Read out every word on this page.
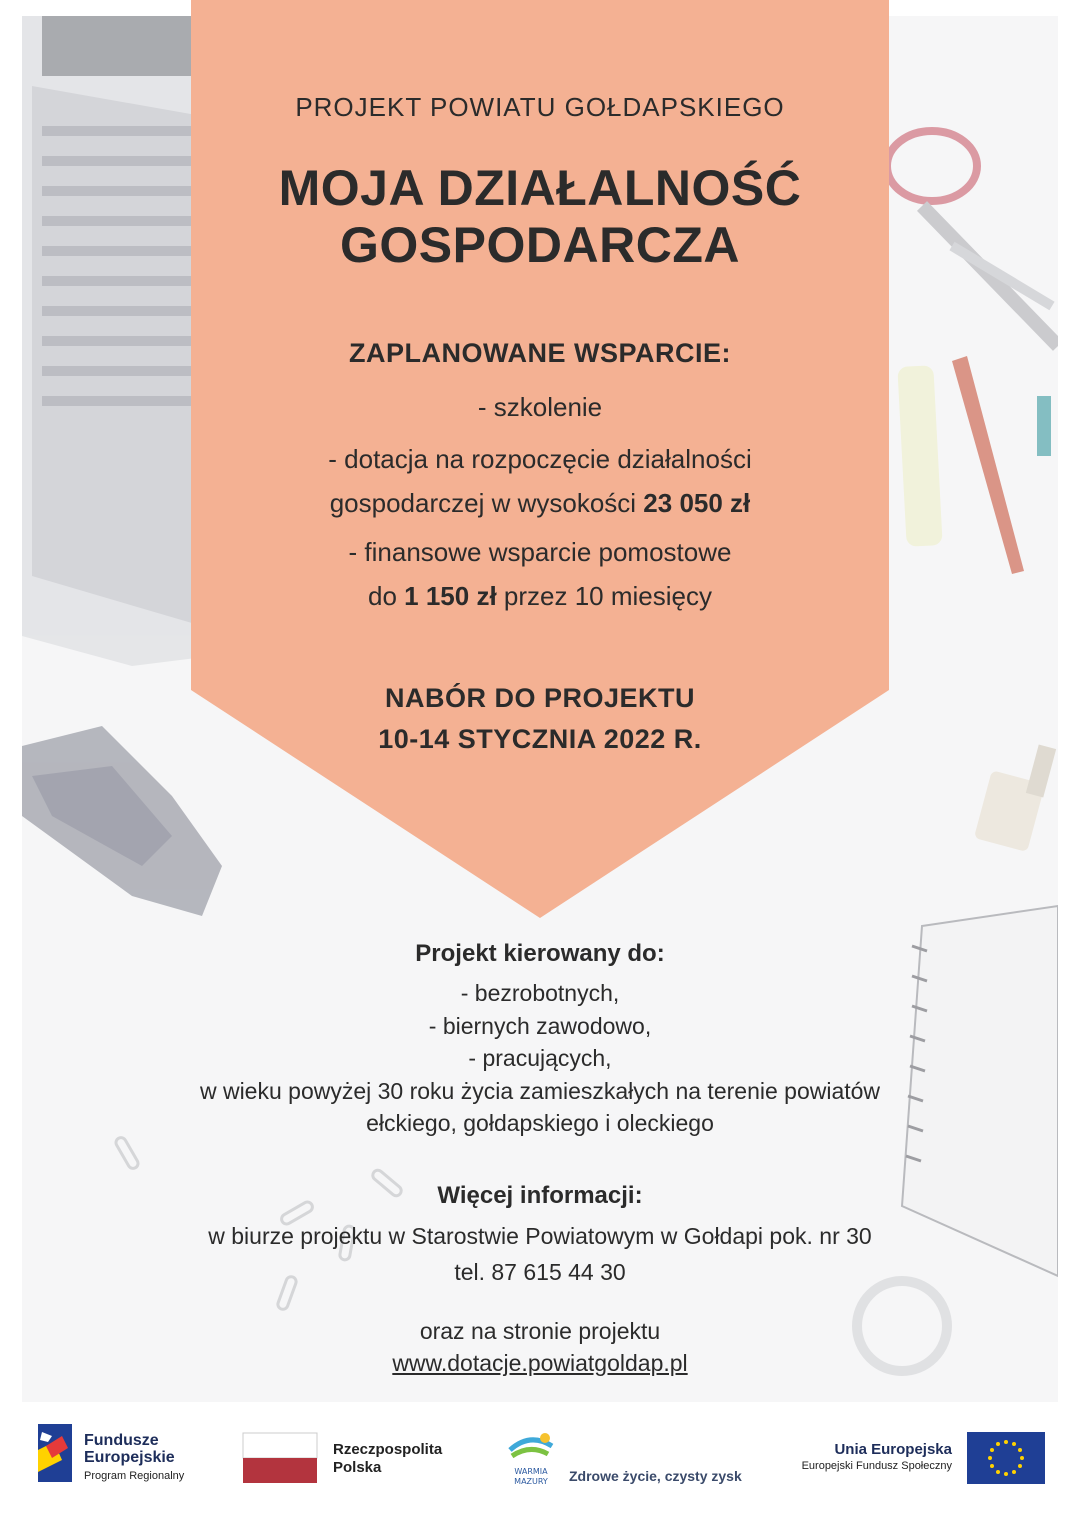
PROJEKT POWIATU GOŁDAPSKIEGO

MOJA DZIAŁALNOŚĆ

GOSPODARCZA

ZAPLANOWANE WSPARCIE:
- szkolenie

- dotacja na rozpoczęcie działalności

gospodarczej w wysokości 23 050 zł

- finansowe wsparcie pomostowe

do 1 150 zł przez 10 miesięcy

NABÓR DO PROJEKTU

10-14 STYCZNIA 2022 R.

Projekt kierowany do:

- bezrobotnych,

- biernych zawodowo,

- pracujących,

w wieku powyżej 30 roku życia zamieszkałych na terenie powiatów

ełckiego, gołdapskiego i oleckiego

Więcej informacji:

w biurze projektu w Starostwie Powiatowym w Gołdapi pok. nr 30

tel. 87 615 44 30

oraz na stronie projektu
www.dotacje.powiatgoldap.pl
WARMIA
MAZURY
Fundusze
Europejskie
Program Regionalny
Rzeczpospolita
Polska	Zdrowe życie, czysty zysk
Unia Europejska
Europejski Fundusz Społeczny
